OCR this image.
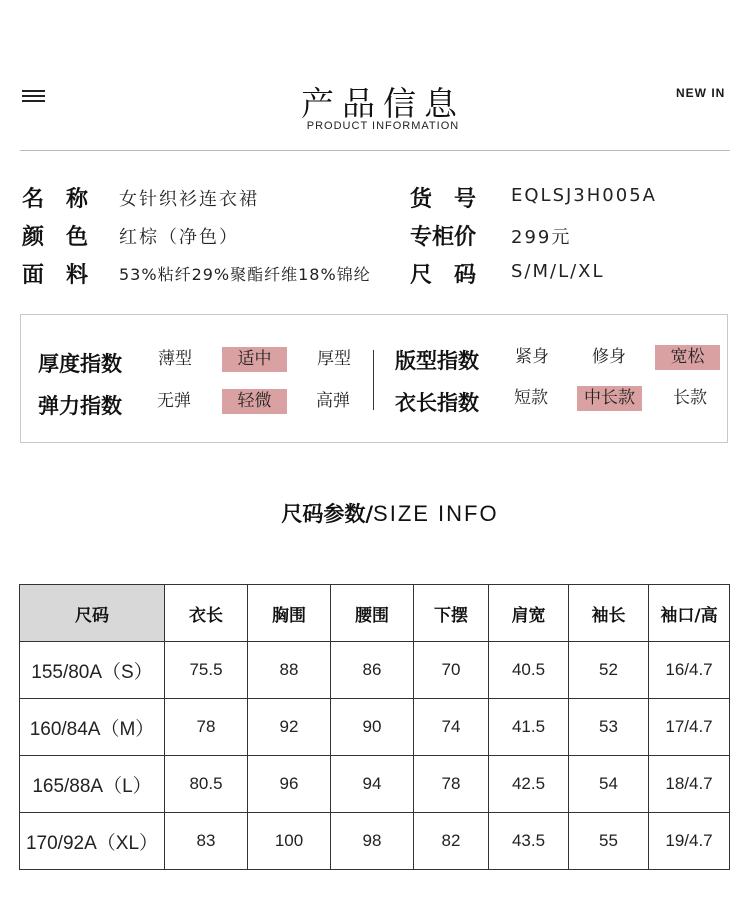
产品信息
PRODUCT INFORMATION
NEW IN
名称 女针织衫连衣裙
颜色 红棕（净色）
面料 53%粘纤29%聚酯纤维18%锦纶
货号 EQLSJ3H005A
专柜价 299元
尺码 S/M/L/XL
厚度指数	薄型	适中	厚型
弹力指数	无弹	轻微	高弹
版型指数	紧身	修身	宽松
衣长指数	短款	中长款	长款
尺码参数/SIZE INFO
尺码	衣长	胸围	腰围	下摆	肩宽	袖长	袖口/高
155/80A（S）	75.5	88	86	70	40.5	52	16/4.7
160/84A（M）	78	92	90	74	41.5	53	17/4.7
165/88A（L）	80.5	96	94	78	42.5	54	18/4.7
170/92A（XL）	83	100	98	82	43.5	55	19/4.7
